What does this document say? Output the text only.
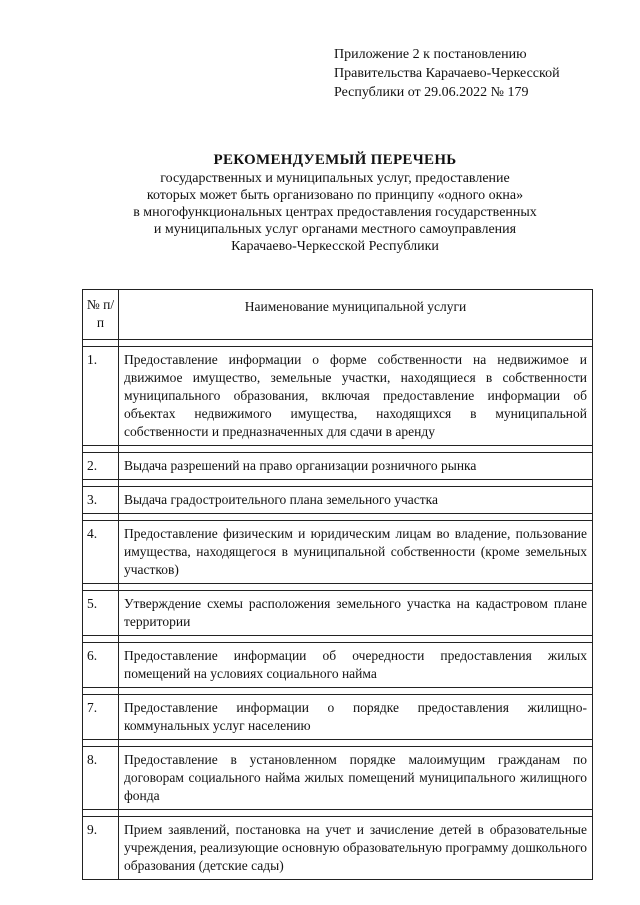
Приложение 2 к постановлению
Правительства Карачаево-Черкесской
Республики от 29.06.2022 № 179
РЕКОМЕНДУЕМЫЙ ПЕРЕЧЕНЬ
государственных и муниципальных услуг, предоставление
которых может быть организовано по принципу «одного окна»
в многофункциональных центрах предоставления государственных
и муниципальных услуг органами местного самоуправления
Карачаево-Черкесской Республики
№ п/п	Наименование муниципальной услуги

1.	Предоставление информации о форме собственности на недвижимое и движимое имущество, земельные участки, находящиеся в собственности муниципального образования, включая предоставление информации об объектах недвижимого имущества, находящихся в муниципальной собственности и предназначенных для сдачи в аренду

2.	Выдача разрешений на право организации розничного рынка

3.	Выдача градостроительного плана земельного участка

4.	Предоставление физическим и юридическим лицам во владение, пользование имущества, находящегося в муниципальной собственности (кроме земельных участков)

5.	Утверждение схемы расположения земельного участка на кадастровом плане территории

6.	Предоставление информации об очередности предоставления жилых помещений на условиях социального найма

7.	Предоставление информации о порядке предоставления жилищно-коммунальных услуг населению

8.	Предоставление в установленном порядке малоимущим гражданам по договорам социального найма жилых помещений муниципального жилищного фонда

9.	Прием заявлений, постановка на учет и зачисление детей в образовательные учреждения, реализующие основную образовательную программу дошкольного образования (детские сады)
